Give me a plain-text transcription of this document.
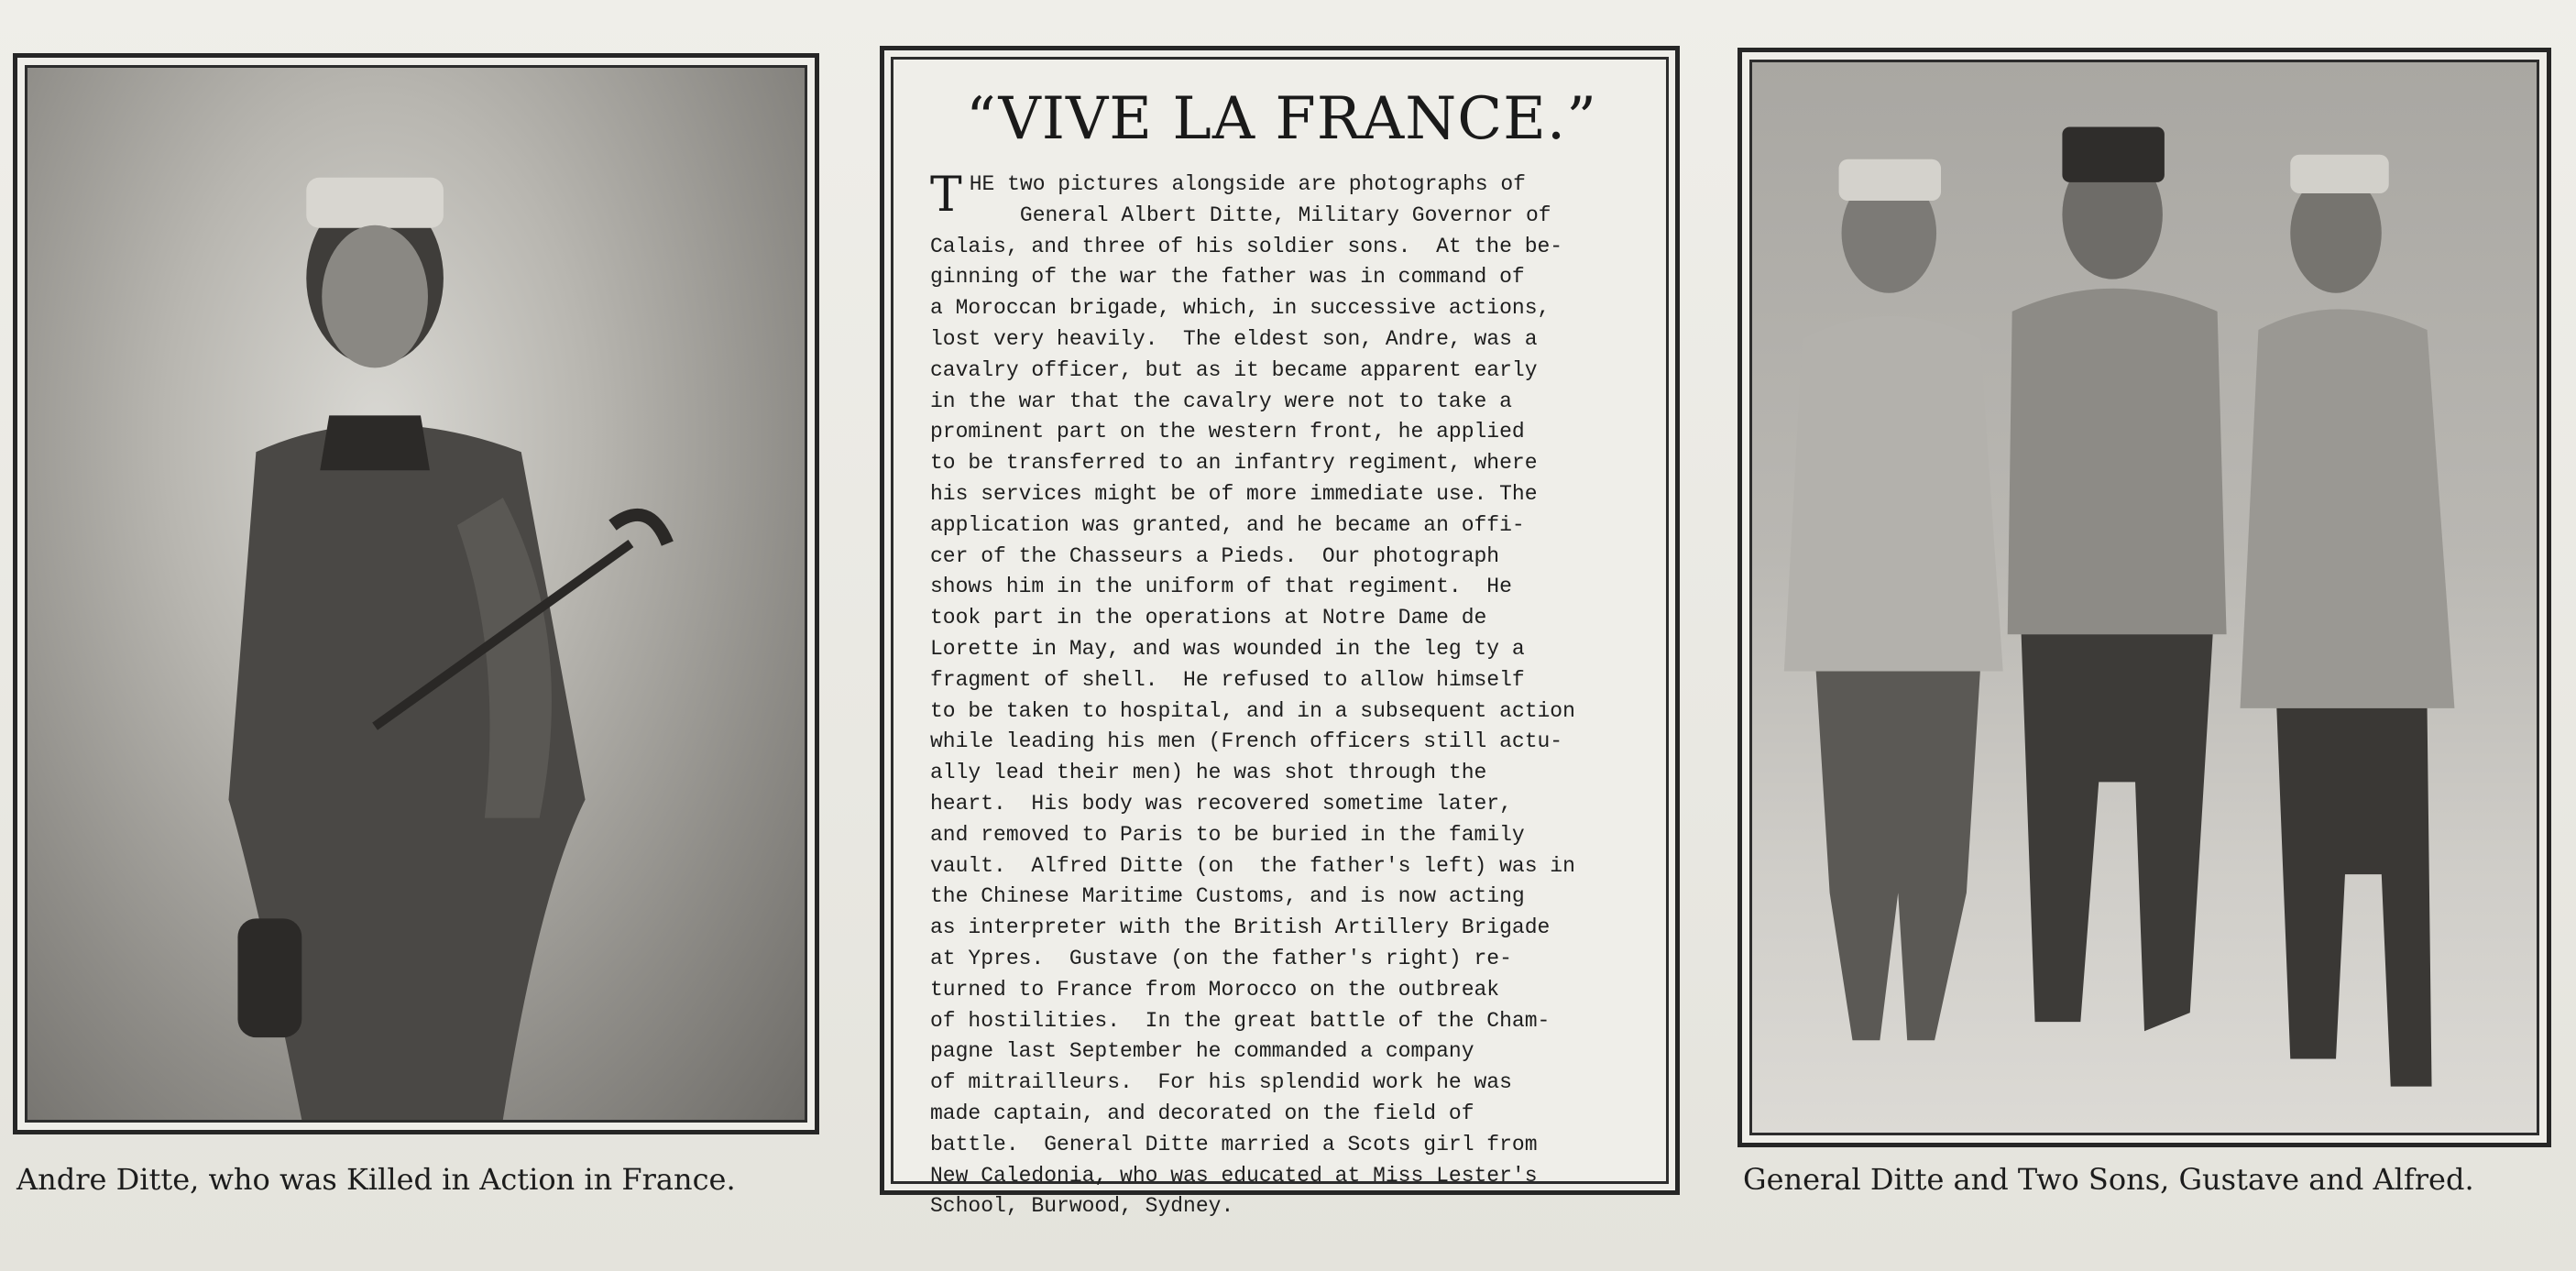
Andre Ditte, who was Killed in Action in France.
“VIVE LA FRANCE.”
T HE two pictures alongside are photographs of
General Albert Ditte, Military Governor of
Calais, and three of his soldier sons.  At the be-
ginning of the war the father was in command of
a Moroccan brigade, which, in successive actions,
lost very heavily.  The eldest son, Andre, was a
cavalry officer, but as it became apparent early
in the war that the cavalry were not to take a
prominent part on the western front, he applied
to be transferred to an infantry regiment, where
his services might be of more immediate use. The
application was granted, and he became an offi-
cer of the Chasseurs a Pieds.  Our photograph
shows him in the uniform of that regiment.  He
took part in the operations at Notre Dame de
Lorette in May, and was wounded in the leg ty a
fragment of shell.  He refused to allow himself
to be taken to hospital, and in a subsequent action
while leading his men (French officers still actu-
ally lead their men) he was shot through the
heart.  His body was recovered sometime later,
and removed to Paris to be buried in the family
vault.  Alfred Ditte (on  the father's left) was in
the Chinese Maritime Customs, and is now acting
as interpreter with the British Artillery Brigade
at Ypres.  Gustave (on the father's right) re-
turned to France from Morocco on the outbreak
of hostilities.  In the great battle of the Cham-
pagne last September he commanded a company
of mitrailleurs.  For his splendid work he was
made captain, and decorated on the field of
battle.  General Ditte married a Scots girl from
New Caledonia, who was educated at Miss Lester's
School, Burwood, Sydney.
General Ditte and Two Sons, Gustave and Alfred.
